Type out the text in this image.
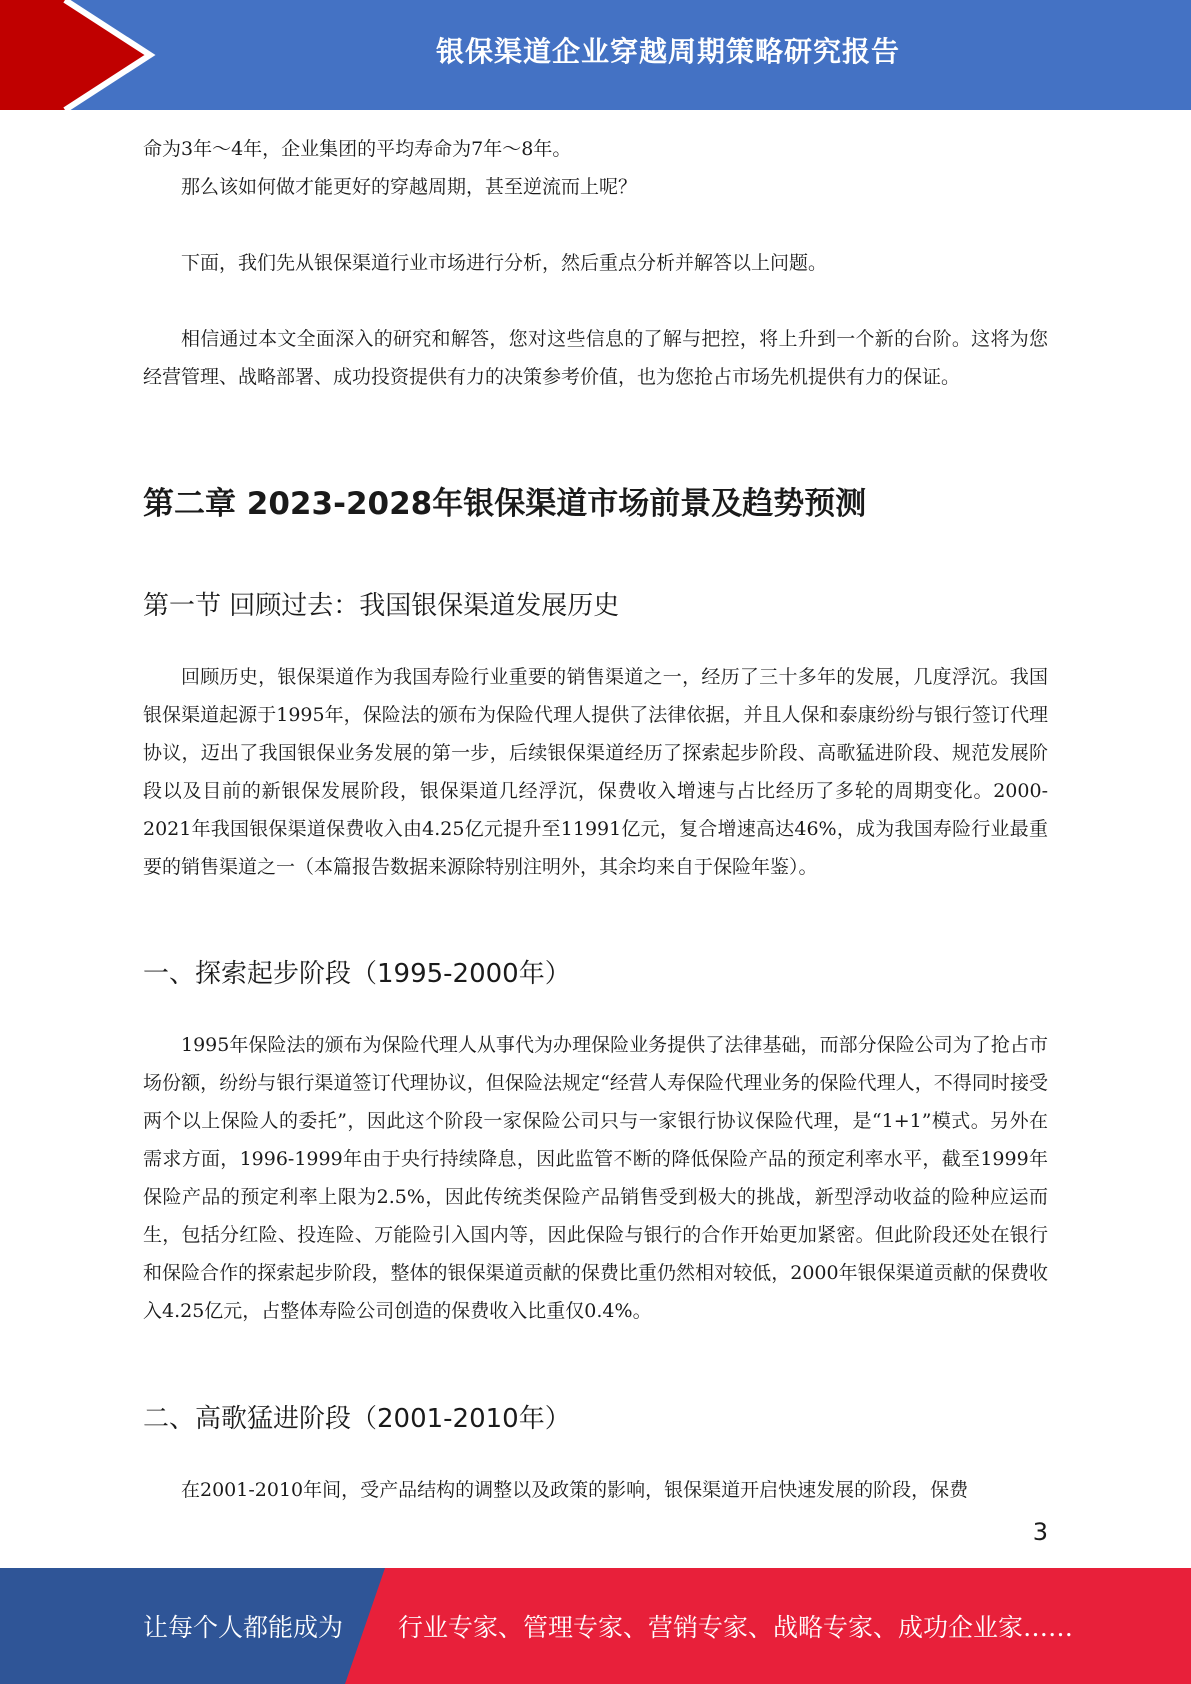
银保渠道企业穿越周期策略研究报告

命为3年～4年，企业集团的平均寿命为7年～8年。

那么该如何做才能更好的穿越周期，甚至逆流而上呢？

下面，我们先从银保渠道行业市场进行分析，然后重点分析并解答以上问题。

相信通过本文全面深入的研究和解答，您对这些信息的了解与把控，将上升到一个新的台阶。这将为您经营管理、战略部署、成功投资提供有力的决策参考价值，也为您抢占市场先机提供有力的保证。

第二章 2023-2028年银保渠道市场前景及趋势预测
第一节 回顾过去：我国银保渠道发展历史

回顾历史，银保渠道作为我国寿险行业重要的销售渠道之一，经历了三十多年的发展，几度浮沉。我国银保渠道起源于1995年，保险法的颁布为保险代理人提供了法律依据，并且人保和泰康纷纷与银行签订代理协议，迈出了我国银保业务发展的第一步，后续银保渠道经历了探索起步阶段、高歌猛进阶段、规范发展阶段以及目前的新银保发展阶段，银保渠道几经浮沉，保费收入增速与占比经历了多轮的周期变化。2000-2021年我国银保渠道保费收入由4.25亿元提升至11991亿元，复合增速高达46%，成为我国寿险行业最重要的销售渠道之一（本篇报告数据来源除特别注明外，其余均来自于保险年鉴）。

一、探索起步阶段（1995-2000年）

1995年保险法的颁布为保险代理人从事代为办理保险业务提供了法律基础，而部分保险公司为了抢占市场份额，纷纷与银行渠道签订代理协议，但保险法规定“经营人寿保险代理业务的保险代理人，不得同时接受两个以上保险人的委托”，因此这个阶段一家保险公司只与一家银行协议保险代理，是“1+1”模式。另外在需求方面，1996-1999年由于央行持续降息，因此监管不断的降低保险产品的预定利率水平，截至1999年保险产品的预定利率上限为2.5%，因此传统类保险产品销售受到极大的挑战，新型浮动收益的险种应运而生，包括分红险、投连险、万能险引入国内等，因此保险与银行的合作开始更加紧密。但此阶段还处在银行和保险合作的探索起步阶段，整体的银保渠道贡献的保费比重仍然相对较低，2000年银保渠道贡献的保费收入4.25亿元，占整体寿险公司创造的保费收入比重仅0.4%。

二、高歌猛进阶段（2001-2010年）

在2001-2010年间，受产品结构的调整以及政策的影响，银保渠道开启快速发展的阶段，保费

3
让每个人都能成为 行业专家、管理专家、营销专家、战略专家、成功企业家……
